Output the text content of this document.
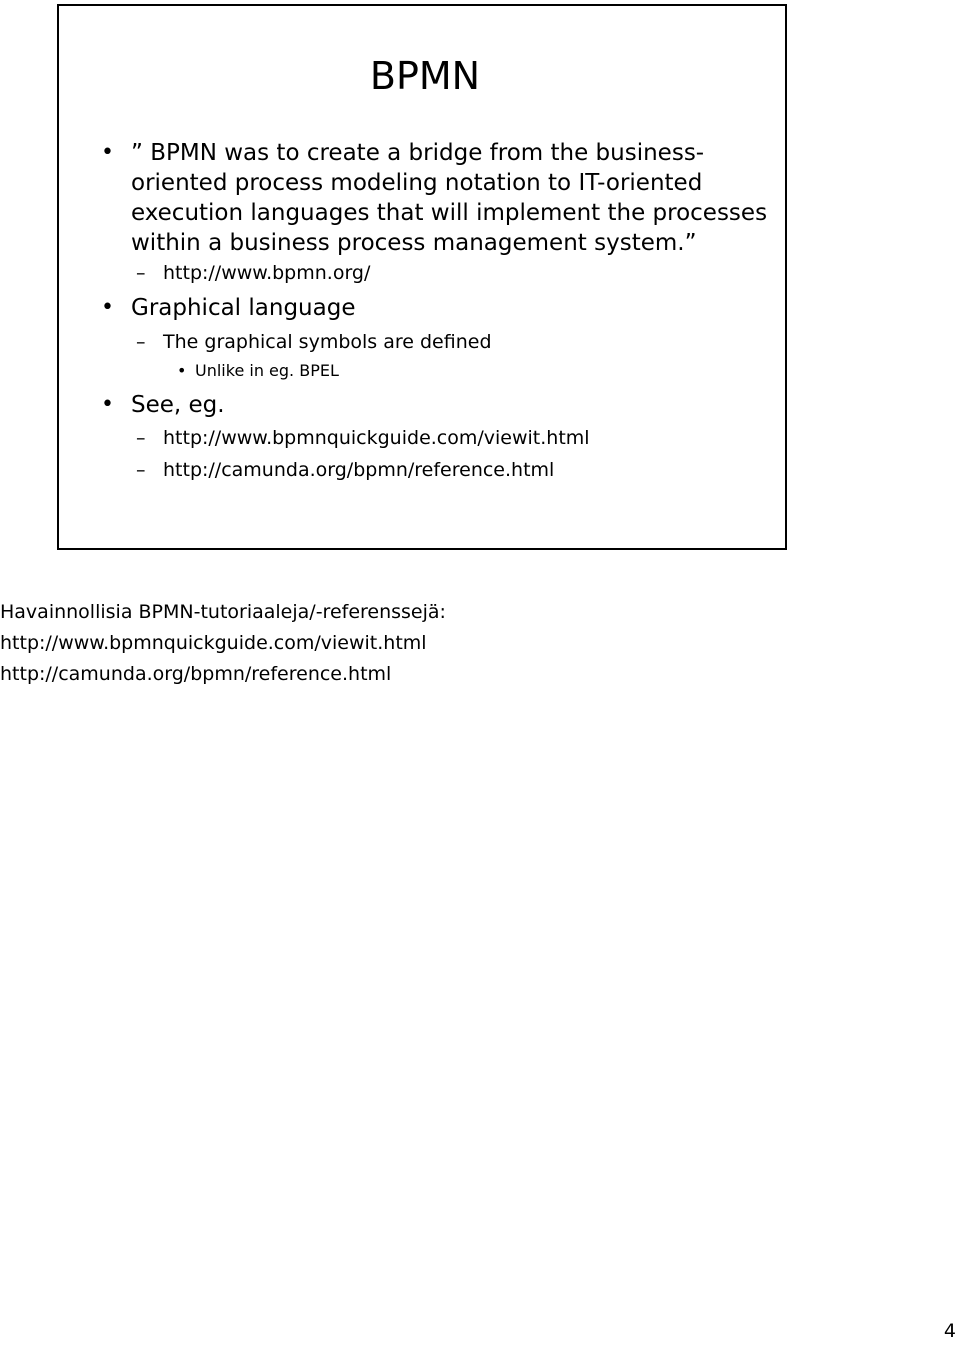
BPMN
• ” BPMN was to create a bridge from the business-
oriented process modeling notation to IT-oriented
execution languages that will implement the processes
within a business process management system.”
– http://www.bpmn.org/
• Graphical language
– The graphical symbols are defined
• Unlike in eg. BPEL
• See, eg.
– http://www.bpmnquickguide.com/viewit.html
– http://camunda.org/bpmn/reference.html
Havainnollisia BPMN-tutoriaaleja/-referenssejä:
http://www.bpmnquickguide.com/viewit.html
http://camunda.org/bpmn/reference.html
4
